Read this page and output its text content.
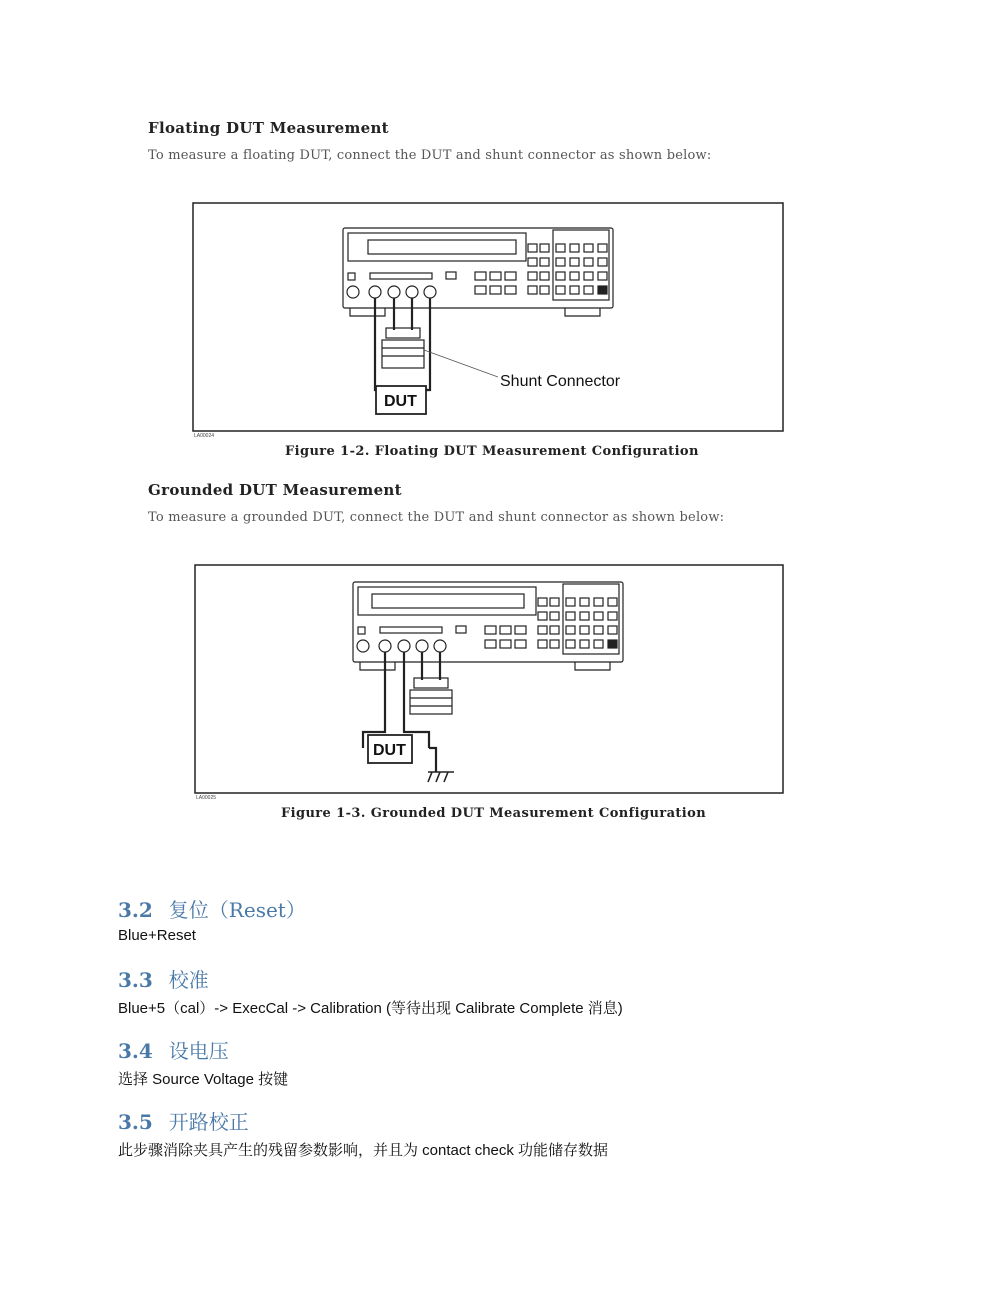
Floating DUT Measurement
To measure a floating DUT, connect the DUT and shunt connector as shown below:
Shunt Connector
DUT
LA00024
Figure 1-2. Floating DUT Measurement Configuration
Grounded DUT Measurement
To measure a grounded DUT, connect the DUT and shunt connector as shown below:
DUT
LA00025
Figure 1-3. Grounded DUT Measurement Configuration
3.2 复位（Reset）
Blue+Reset
3.3 校准
Blue+5（cal）-> ExecCal -> Calibration (等待出现 Calibrate Complete 消息)
3.4 设电压
选择 Source Voltage 按键
3.5 开路校正
此步骤消除夹具产生的残留参数影响，并且为 contact check 功能储存数据
